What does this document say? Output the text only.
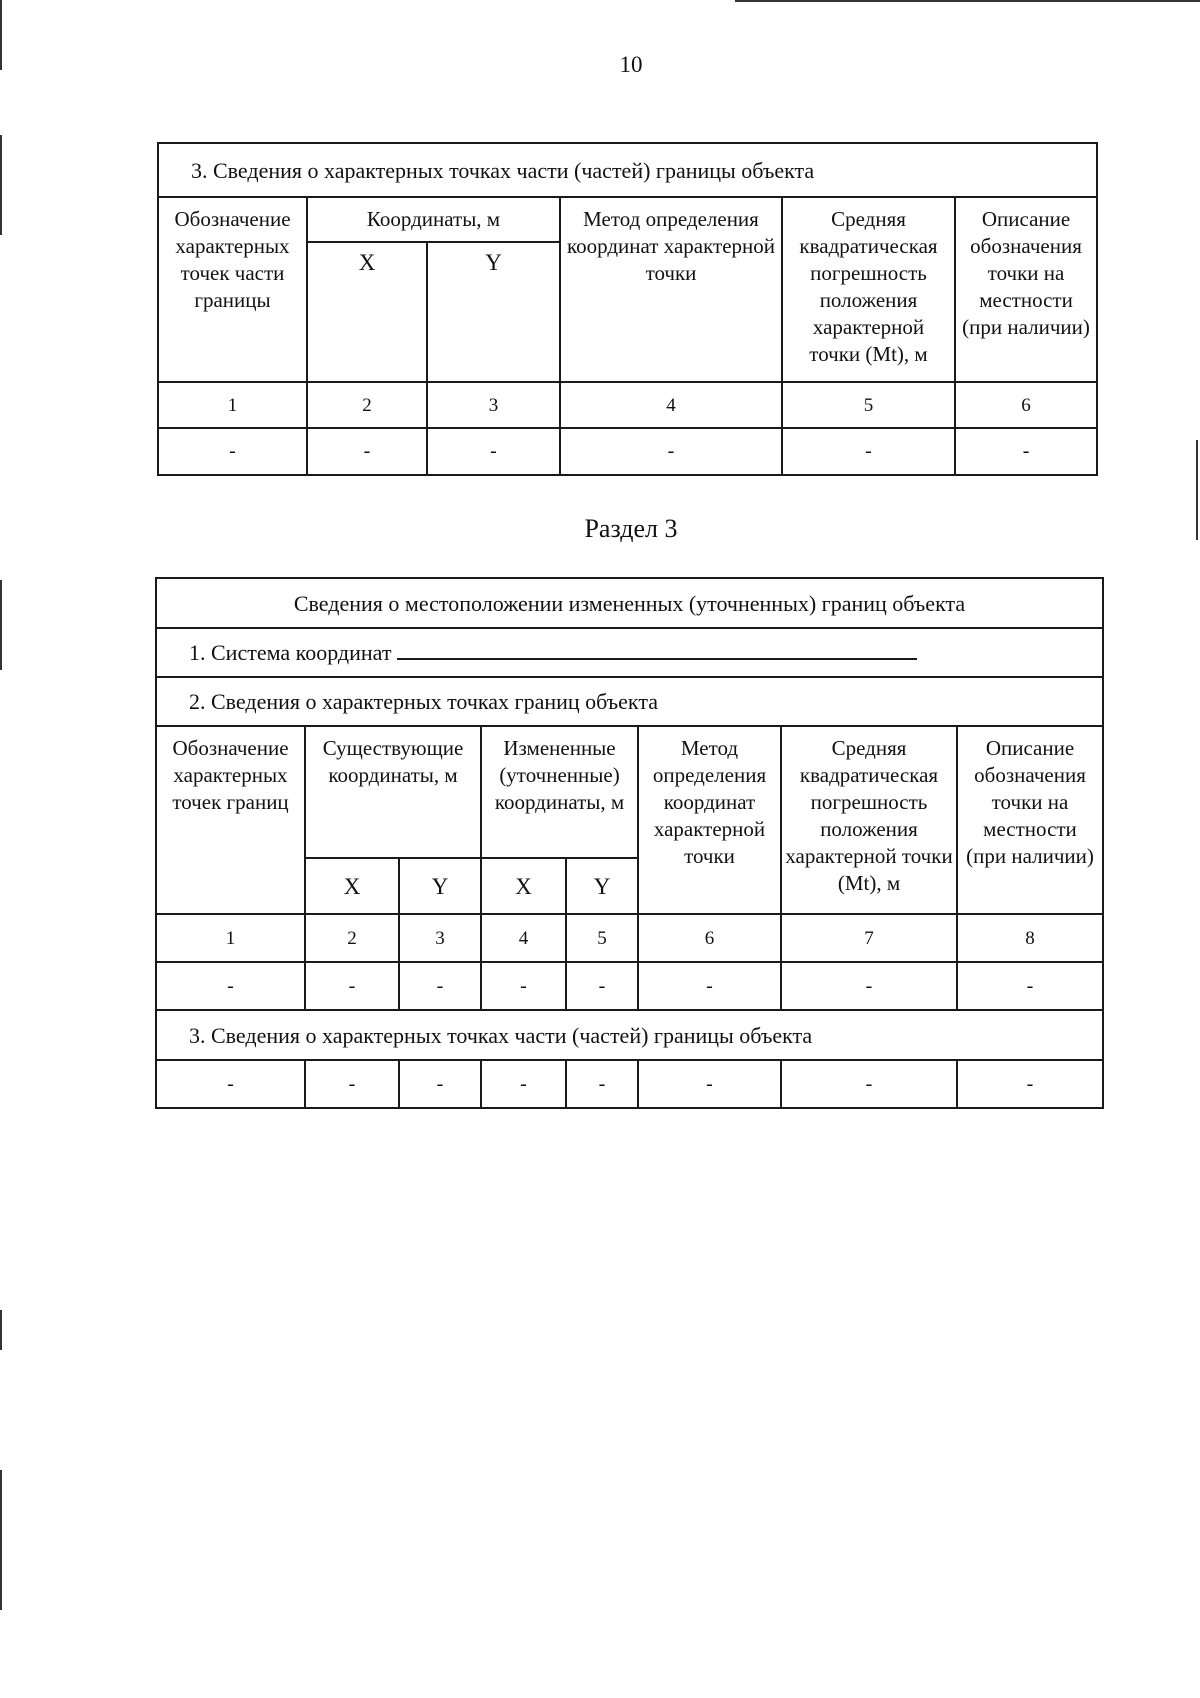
10
3. Сведения о характерных точках части (частей) границы объекта					
Обозначение характерных точек части границы	Координаты, м		Метод определения координат характерной точки	Средняя квадратическая погрешность положения характерной точки (Mt), м	Описание обозначения точки на местности (при наличии)
	X	Y			
1	2	3	4	5	6
-	-	-	-	-	-
Раздел 3
Сведения о местоположении измененных (уточненных) границ объекта							
1. Система координат							
2. Сведения о характерных точках границ объекта							
Обозначение характерных точек границ	Существующие координаты, м		Измененные (уточненные) координаты, м		Метод определения координат характерной точки	Средняя квадратическая погрешность положения характерной точки (Mt), м	Описание обозначения точки на местности (при наличии)
	X	Y	X	Y			
1	2	3	4	5	6	7	8
-	-	-	-	-	-	-	-
3. Сведения о характерных точках части (частей) границы объекта							
-	-	-	-	-	-	-	-
